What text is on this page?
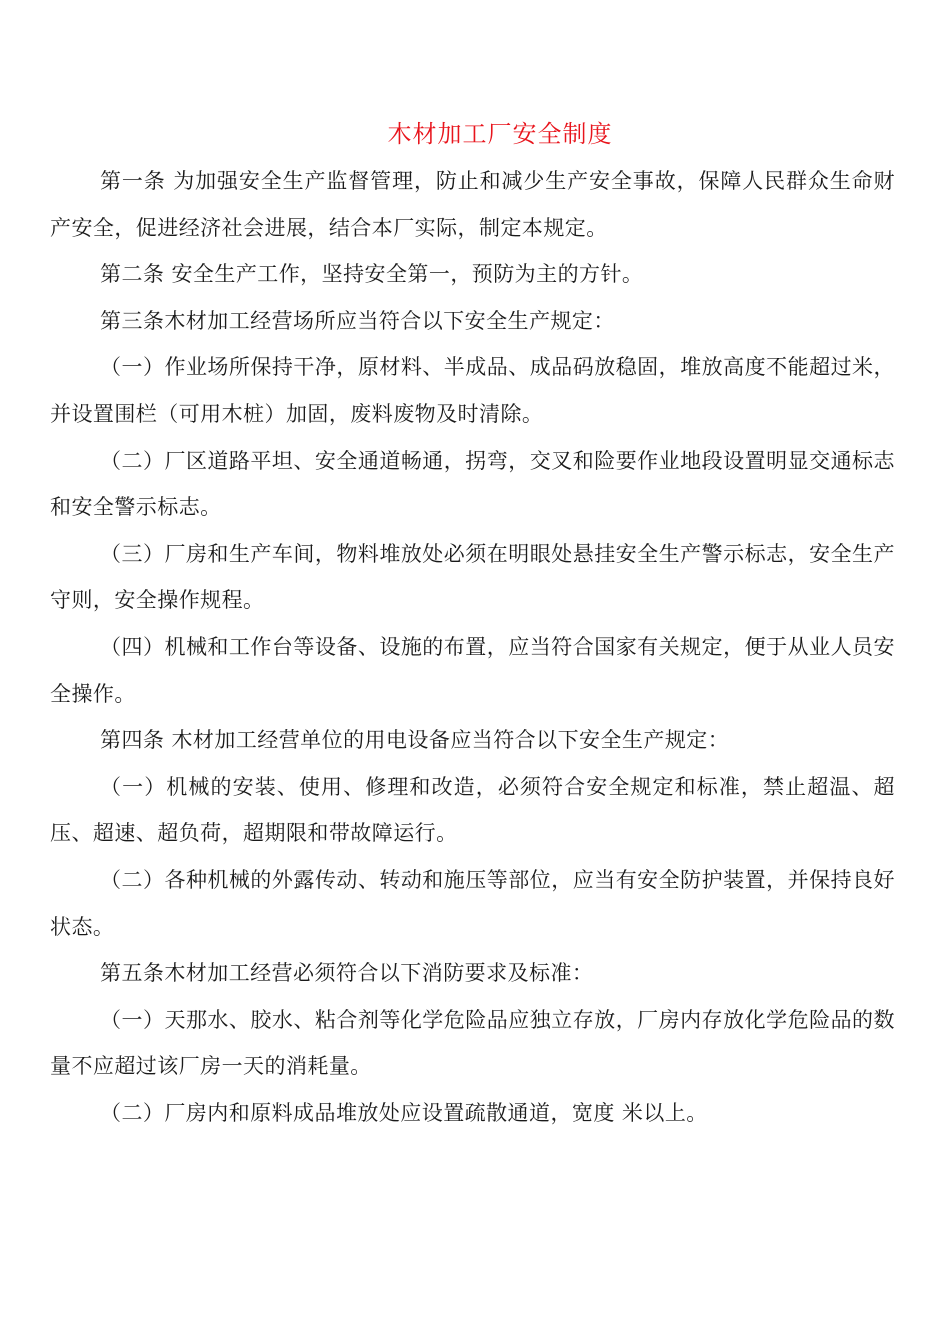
木材加工厂安全制度

第一条 为加强安全生产监督管理，防止和减少生产安全事故，保障人民群众生命财产安全，促进经济社会进展，结合本厂实际，制定本规定。

第二条 安全生产工作，坚持安全第一，预防为主的方针。

第三条木材加工经营场所应当符合以下安全生产规定：

（一）作业场所保持干净，原材料、半成品、成品码放稳固，堆放高度不能超过米，并设置围栏（可用木桩）加固，废料废物及时清除。

（二）厂区道路平坦、安全通道畅通，拐弯，交叉和险要作业地段设置明显交通标志和安全警示标志。

（三）厂房和生产车间，物料堆放处必须在明眼处悬挂安全生产警示标志，安全生产守则，安全操作规程。

（四）机械和工作台等设备、设施的布置，应当符合国家有关规定，便于从业人员安全操作。

第四条 木材加工经营单位的用电设备应当符合以下安全生产规定：

（一）机械的安装、使用、修理和改造，必须符合安全规定和标准，禁止超温、超压、超速、超负荷，超期限和带故障运行。

（二）各种机械的外露传动、转动和施压等部位，应当有安全防护装置，并保持良好状态。

第五条木材加工经营必须符合以下消防要求及标准：

（一）天那水、胶水、粘合剂等化学危险品应独立存放，厂房内存放化学危险品的数量不应超过该厂房一天的消耗量。

（二）厂房内和原料成品堆放处应设置疏散通道，宽度 米以上。
